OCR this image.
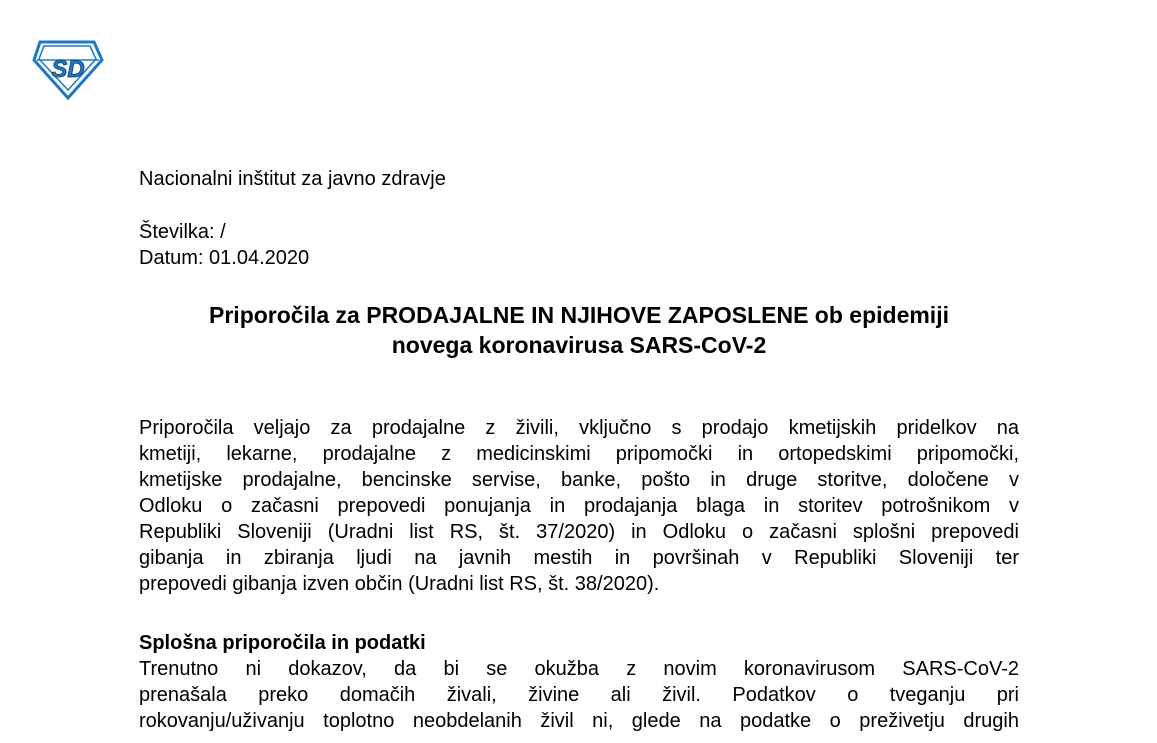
SD
Nacionalni inštitut za javno zdravje
Številka: /
Datum: 01.04.2020
Priporočila za PRODAJALNE IN NJIHOVE ZAPOSLENE ob epidemiji
novega koronavirusa SARS-CoV-2
Priporočila veljajo za prodajalne z živili, vključno s prodajo kmetijskih pridelkov na
kmetiji, lekarne, prodajalne z medicinskimi pripomočki in ortopedskimi pripomočki,
kmetijske prodajalne, bencinske servise, banke, pošto in druge storitve, določene v
Odloku o začasni prepovedi ponujanja in prodajanja blaga in storitev potrošnikom v
Republiki Sloveniji (Uradni list RS, št. 37/2020) in Odloku o začasni splošni prepovedi
gibanja in zbiranja ljudi na javnih mestih in površinah v Republiki Sloveniji ter
prepovedi gibanja izven občin (Uradni list RS, št. 38/2020).
Splošna priporočila in podatki
Trenutno ni dokazov, da bi se okužba z novim koronavirusom SARS-CoV-2
prenašala preko domačih živali, živine ali živil. Podatkov o tveganju pri
rokovanju/uživanju toplotno neobdelanih živil ni, glede na podatke o preživetju drugih
